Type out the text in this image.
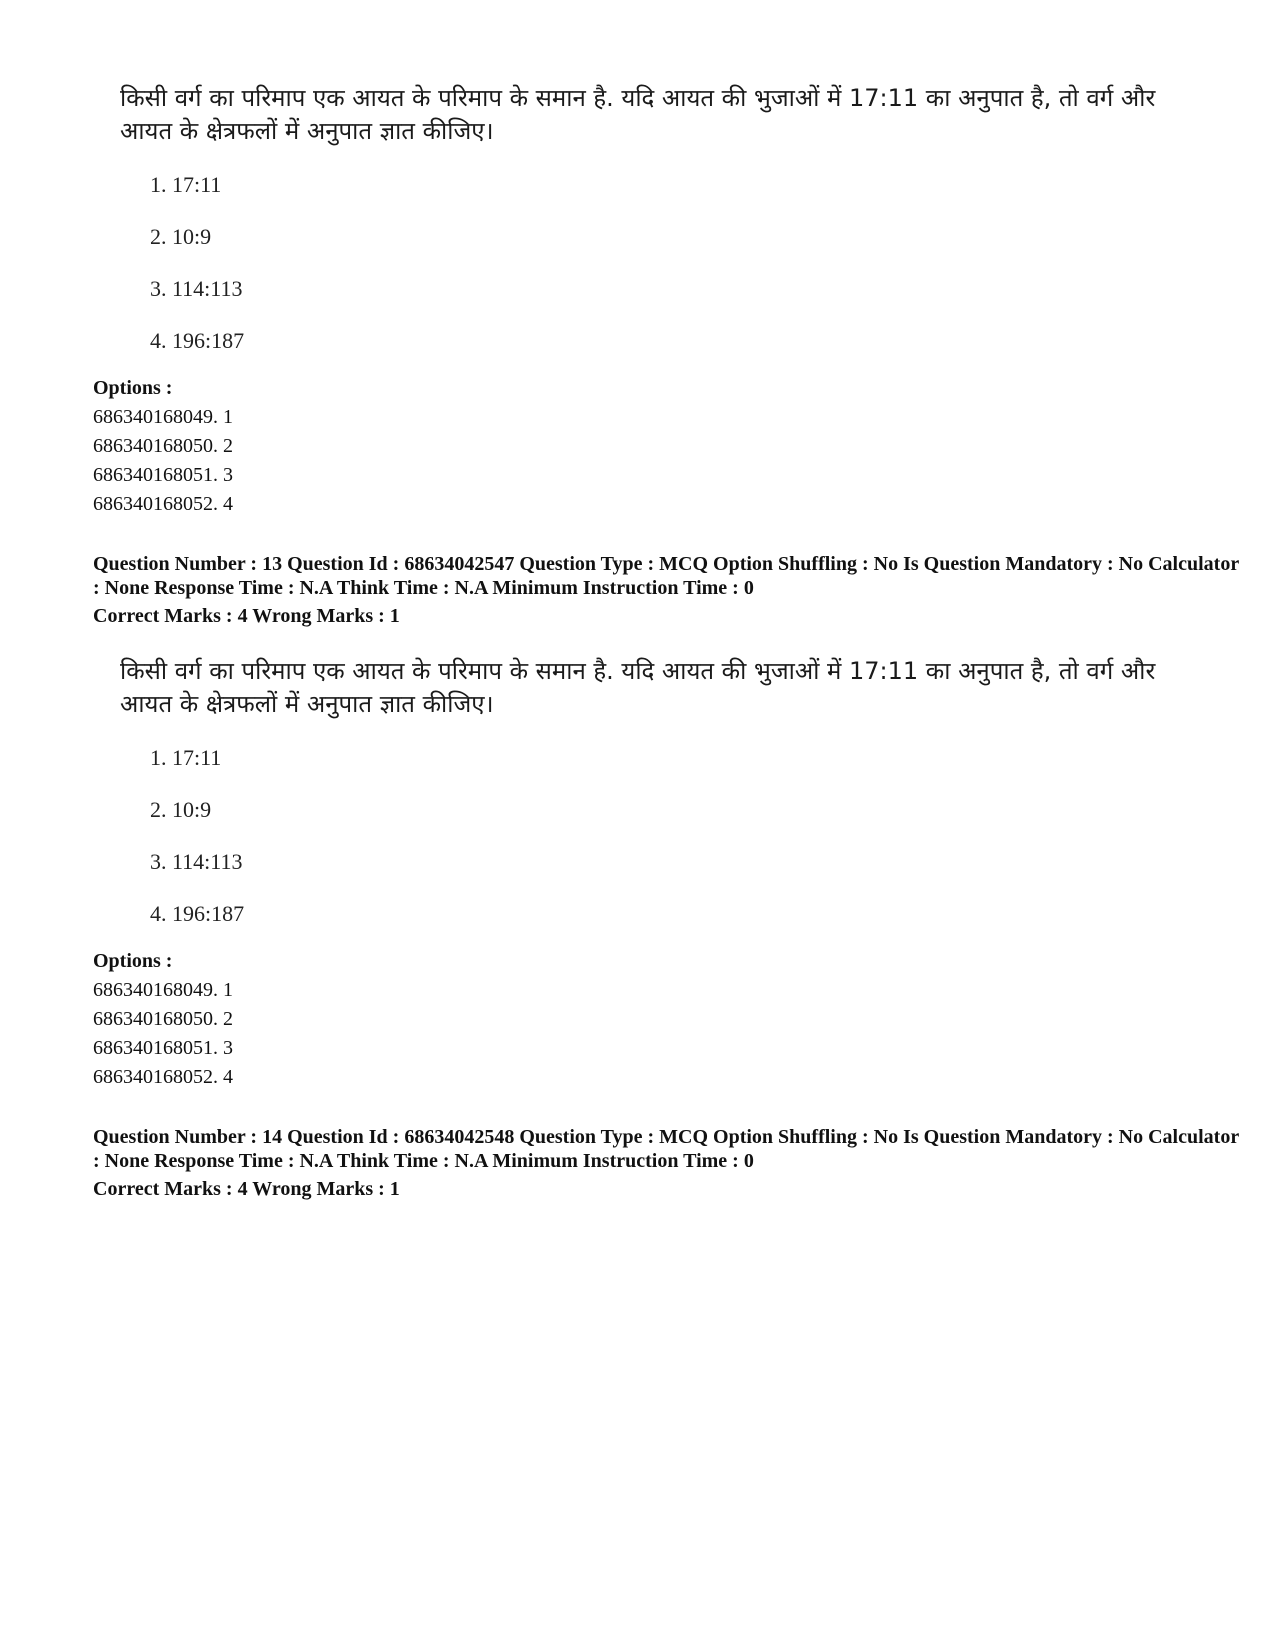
किसी वर्ग का परिमाप एक आयत के परिमाप के समान है. यदि आयत की भुजाओं में 17:11 का अनुपात है, तो वर्ग और आयत के क्षेत्रफलों में अनुपात ज्ञात कीजिए।

1. 17:11
2. 10:9
3. 114:113
4. 196:187
Options :
686340168049. 1
686340168050. 2
686340168051. 3
686340168052. 4
Question Number : 13 Question Id : 68634042547 Question Type : MCQ Option Shuffling : No Is Question Mandatory : No Calculator : None Response Time : N.A Think Time : N.A Minimum Instruction Time : 0
Correct Marks : 4 Wrong Marks : 1

किसी वर्ग का परिमाप एक आयत के परिमाप के समान है. यदि आयत की भुजाओं में 17:11 का अनुपात है, तो वर्ग और आयत के क्षेत्रफलों में अनुपात ज्ञात कीजिए।

1. 17:11
2. 10:9
3. 114:113
4. 196:187
Options :
686340168049. 1
686340168050. 2
686340168051. 3
686340168052. 4
Question Number : 14 Question Id : 68634042548 Question Type : MCQ Option Shuffling : No Is Question Mandatory : No Calculator : None Response Time : N.A Think Time : N.A Minimum Instruction Time : 0
Correct Marks : 4 Wrong Marks : 1
